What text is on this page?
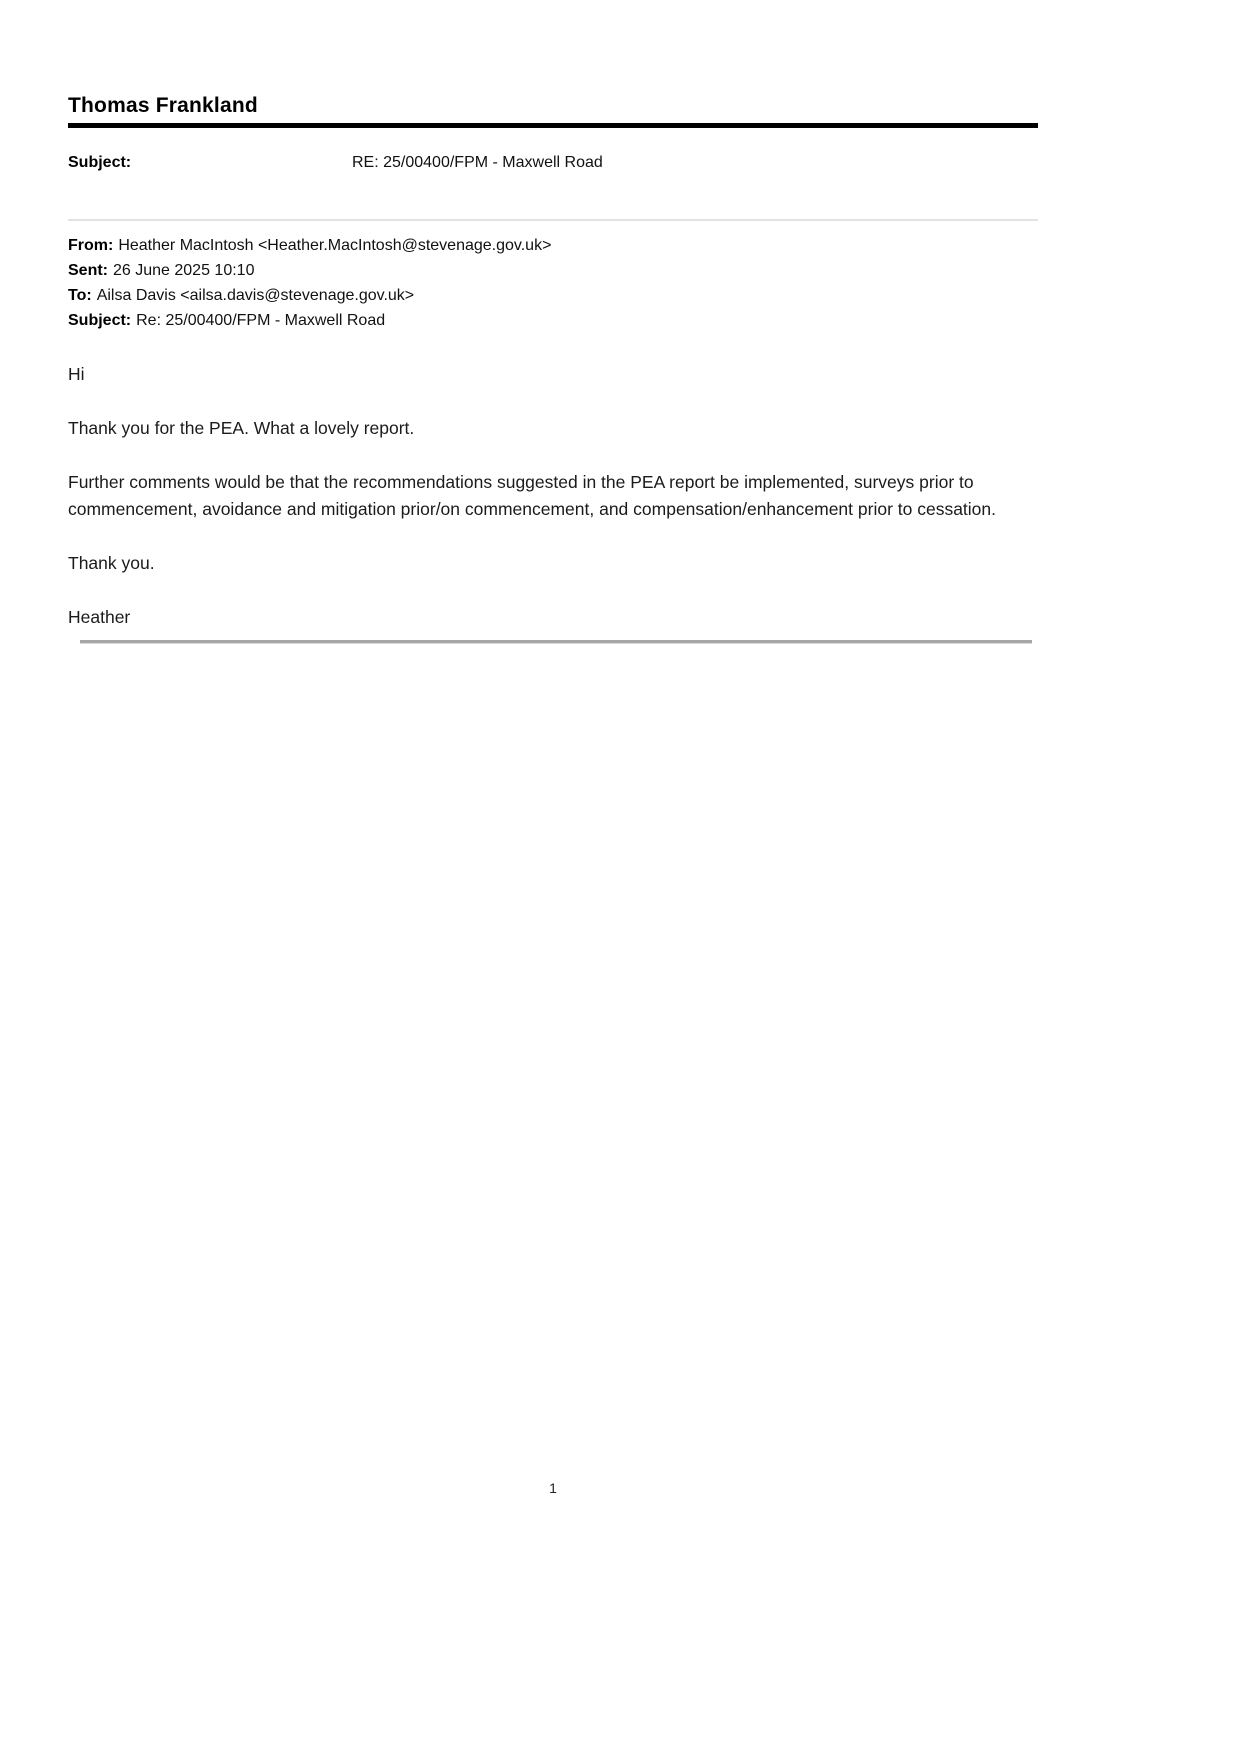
Thomas Frankland
Subject:	RE: 25/00400/FPM - Maxwell Road
From: Heather MacIntosh <Heather.MacIntosh@stevenage.gov.uk>
Sent: 26 June 2025 10:10
To: Ailsa Davis <ailsa.davis@stevenage.gov.uk>
Subject: Re: 25/00400/FPM - Maxwell Road

Hi

Thank you for the PEA. What a lovely report.

Further comments would be that the recommendations suggested in the PEA report be implemented, surveys prior to commencement, avoidance and mitigation prior/on commencement, and compensation/enhancement prior to cessation.

Thank you.

Heather

1
